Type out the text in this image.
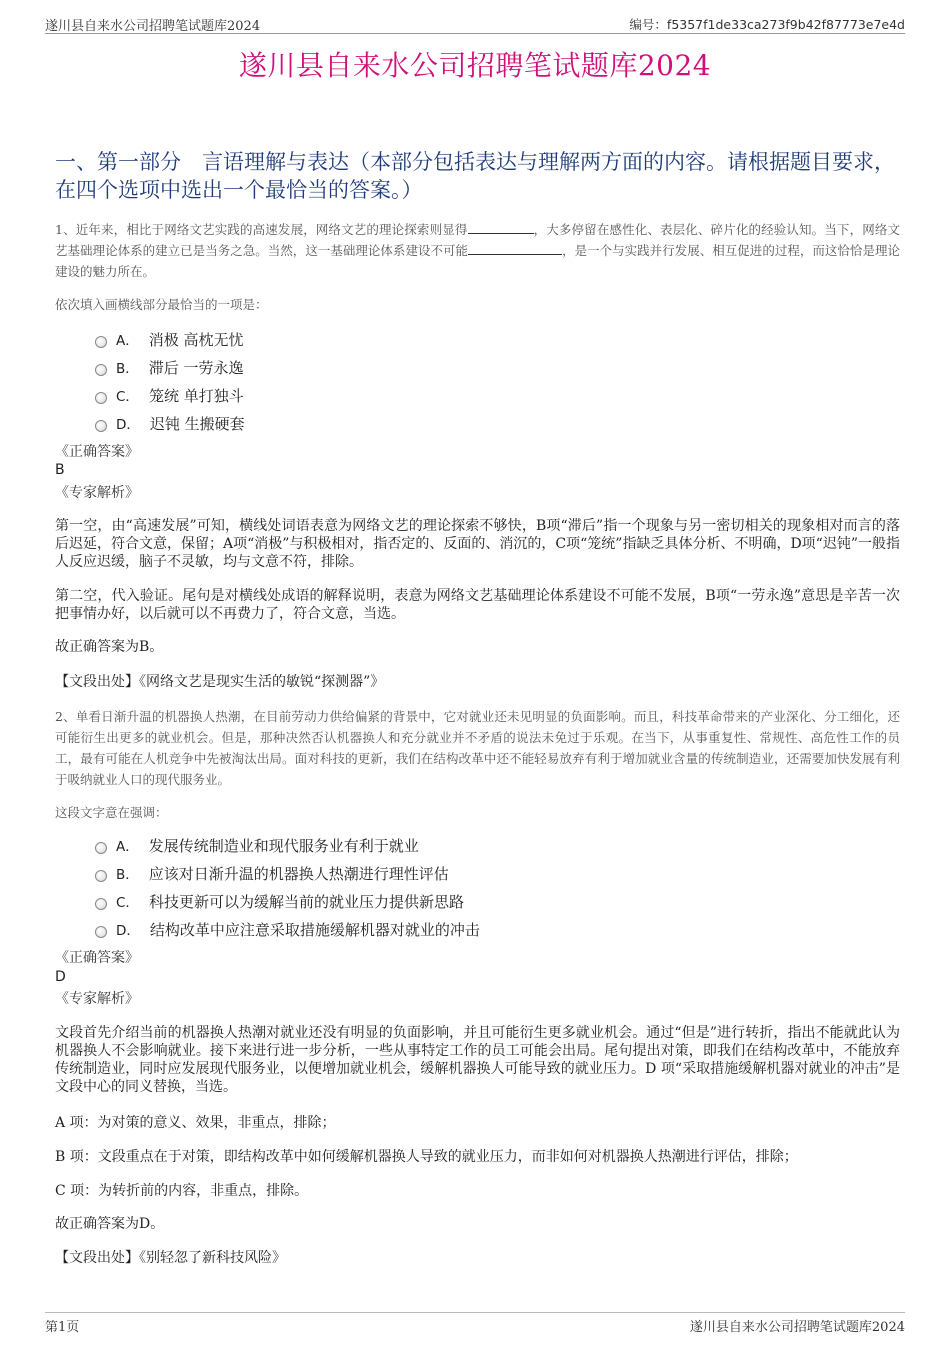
遂川县自来水公司招聘笔试题库2024	编号：f5357f1de33ca273f9b42f87773e7e4d
遂川县自来水公司招聘笔试题库2024
一、第一部分　言语理解与表达（本部分包括表达与理解两方面的内容。请根据题目要求，在四个选项中选出一个最恰当的答案。）
1、近年来，相比于网络文艺实践的高速发展，网络文艺的理论探索则显得	，大多停留在感性化、表层化、碎片化的经验认知。当下，网络文艺基础理论体系的建立已是当务之急。当然，这一基础理论体系建设不可能	，是一个与实践并行发展、相互促进的过程，而这恰恰是理论建设的魅力所在。
依次填入画横线部分最恰当的一项是：
A． 消极 高枕无忧
B． 滞后 一劳永逸
C． 笼统 单打独斗
D． 迟钝 生搬硬套
《正确答案》
B
《专家解析》
第一空，由“高速发展”可知，横线处词语表意为网络文艺的理论探索不够快，B项“滞后”指一个现象与另一密切相关的现象相对而言的落后迟延，符合文意，保留；A项“消极”与积极相对，指否定的、反面的、消沉的，C项“笼统”指缺乏具体分析、不明确，D项“迟钝”一般指人反应迟缓，脑子不灵敏，均与文意不符，排除。
第二空，代入验证。尾句是对横线处成语的解释说明，表意为网络文艺基础理论体系建设不可能不发展，B项“一劳永逸”意思是辛苦一次把事情办好，以后就可以不再费力了，符合文意，当选。
故正确答案为B。
【文段出处】《网络文艺是现实生活的敏锐“探测器”》
2、单看日渐升温的机器换人热潮，在目前劳动力供给偏紧的背景中，它对就业还未见明显的负面影响。而且，科技革命带来的产业深化、分工细化，还可能衍生出更多的就业机会。但是，那种决然否认机器换人和充分就业并不矛盾的说法未免过于乐观。在当下，从事重复性、常规性、高危性工作的员工，最有可能在人机竞争中先被淘汰出局。面对科技的更新，我们在结构改革中还不能轻易放弃有利于增加就业含量的传统制造业，还需要加快发展有利于吸纳就业人口的现代服务业。
这段文字意在强调：
A． 发展传统制造业和现代服务业有利于就业
B． 应该对日渐升温的机器换人热潮进行理性评估
C． 科技更新可以为缓解当前的就业压力提供新思路
D． 结构改革中应注意采取措施缓解机器对就业的冲击
《正确答案》
D
《专家解析》
文段首先介绍当前的机器换人热潮对就业还没有明显的负面影响，并且可能衍生更多就业机会。通过“但是”进行转折，指出不能就此认为机器换人不会影响就业。接下来进行进一步分析，一些从事特定工作的员工可能会出局。尾句提出对策，即我们在结构改革中，不能放弃传统制造业，同时应发展现代服务业，以便增加就业机会，缓解机器换人可能导致的就业压力。D 项“采取措施缓解机器对就业的冲击”是文段中心的同义替换，当选。
A 项：为对策的意义、效果，非重点，排除；
B 项：文段重点在于对策，即结构改革中如何缓解机器换人导致的就业压力，而非如何对机器换人热潮进行评估，排除；
C 项：为转折前的内容，非重点，排除。
故正确答案为D。
【文段出处】《别轻忽了新科技风险》
第1页	遂川县自来水公司招聘笔试题库2024
